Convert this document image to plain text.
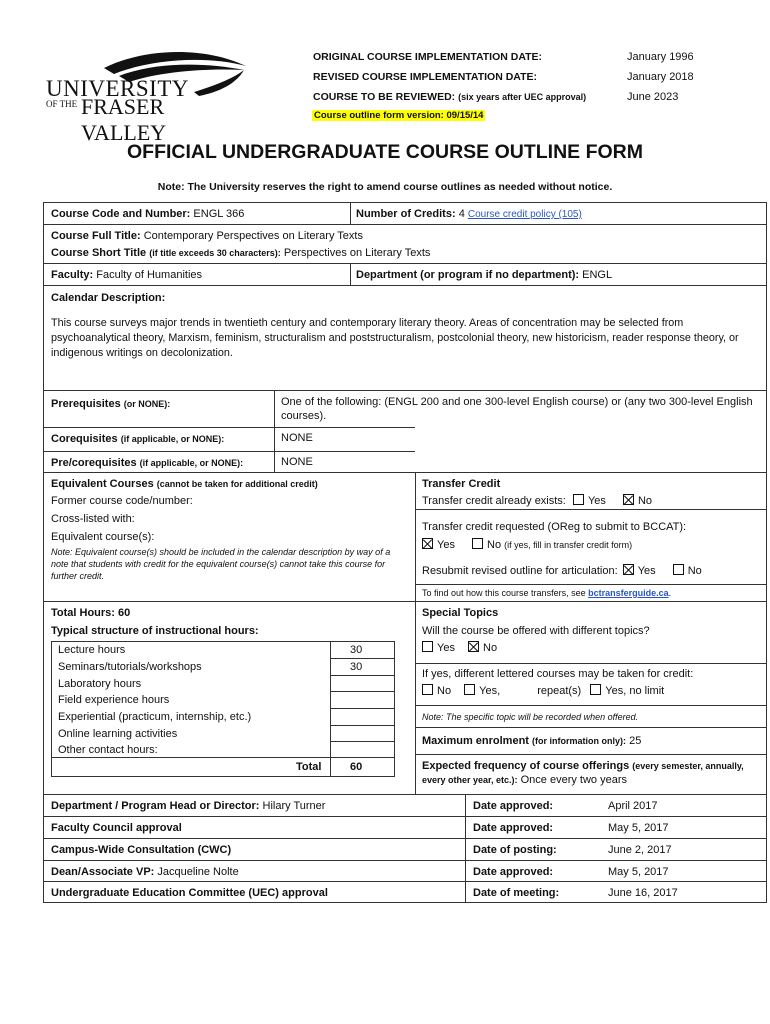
UNIVERSITY
OF THE FRASER VALLEY
ORIGINAL COURSE IMPLEMENTATION DATE:	January 1996
REVISED COURSE IMPLEMENTATION DATE:	January 2018
COURSE TO BE REVIEWED: (six years after UEC approval)	June 2023
Course outline form version: 09/15/14
OFFICIAL UNDERGRADUATE COURSE OUTLINE FORM
Note: The University reserves the right to amend course outlines as needed without notice.
Course Code and Number: ENGL 366	Number of Credits: 4 Course credit policy (105)
Course Full Title: Contemporary Perspectives on Literary Texts
Course Short Title (if title exceeds 30 characters): Perspectives on Literary Texts
Faculty: Faculty of Humanities	Department (or program if no department): ENGL
Calendar Description:
This course surveys major trends in twentieth century and contemporary literary theory. Areas of concentration may be selected from psychoanalytical theory, Marxism, feminism, structuralism and poststructuralism, postcolonial theory, new historicism, reader response theory, or indigenous writings on decolonization.
Prerequisites (or NONE):	One of the following: (ENGL 200 and one 300-level English course) or (any two 300-level English courses).
Corequisites (if applicable, or NONE):	NONE
Pre/corequisites (if applicable, or NONE):	NONE
Equivalent Courses (cannot be taken for additional credit)
Former course code/number:
Cross-listed with:
Equivalent course(s):
Note: Equivalent course(s) should be included in the calendar description by way of a note that students with credit for the equivalent course(s) cannot take this course for further credit.
Transfer Credit
Transfer credit already exists: Yes	No
Transfer credit requested (OReg to submit to BCCAT):
Yes	No (if yes, fill in transfer credit form)
Resubmit revised outline for articulation: Yes	No
To find out how this course transfers, see bctransferguide.ca.
Total Hours: 60
Typical structure of instructional hours:
Lecture hours	30
Seminars/tutorials/workshops	30
Laboratory hours
Field experience hours
Experiential (practicum, internship, etc.)
Online learning activities
Other contact hours:
Total	60
Special Topics
Will the course be offered with different topics?
Yes	No
If yes, different lettered courses may be taken for credit:
No	Yes,	repeat(s) Yes, no limit
Note: The specific topic will be recorded when offered.
Maximum enrolment (for information only): 25
Expected frequency of course offerings (every semester, annually, every other year, etc.): Once every two years
Department / Program Head or Director: Hilary Turner	Date approved:	April 2017
Faculty Council approval	Date approved:	May 5, 2017
Campus-Wide Consultation (CWC)	Date of posting:	June 2, 2017
Dean/Associate VP: Jacqueline Nolte	Date approved:	May 5, 2017
Undergraduate Education Committee (UEC) approval	Date of meeting:	June 16, 2017
